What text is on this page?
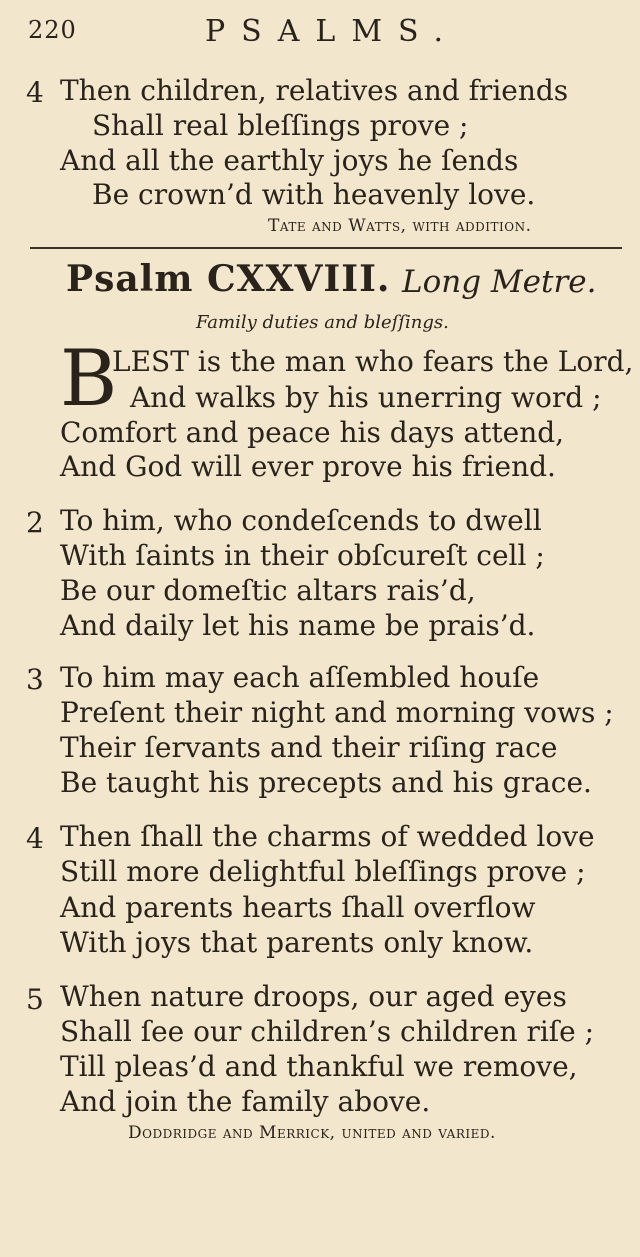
220	PSALMS.
4 Then children, relatives and friends
Shall real bleſſings prove ;
And all the earthly joys he ſends
Be crown’d with heavenly love.
Tate and Watts, with addition.
Psalm CXXVIII. Long Metre.
Family duties and bleſſings.
B
LEST is the man who fears the Lord,
And walks by his unerring word ;
Comfort and peace his days attend,
And God will ever prove his friend.
2 To him, who condeſcends to dwell
With ſaints in their obſcureſt cell ;
Be our domeſtic altars rais’d,
And daily let his name be prais’d.
3 To him may each aſſembled houſe
Preſent their night and morning vows ;
Their ſervants and their riſing race
Be taught his precepts and his grace.
4 Then ſhall the charms of wedded love
Still more delightful bleſſings prove ;
And parents hearts ſhall overflow
With joys that parents only know.
5 When nature droops, our aged eyes
Shall ſee our children’s children riſe ;
Till pleas’d and thankful we remove,
And join the family above.
Doddridge and Merrick, united and varied.
